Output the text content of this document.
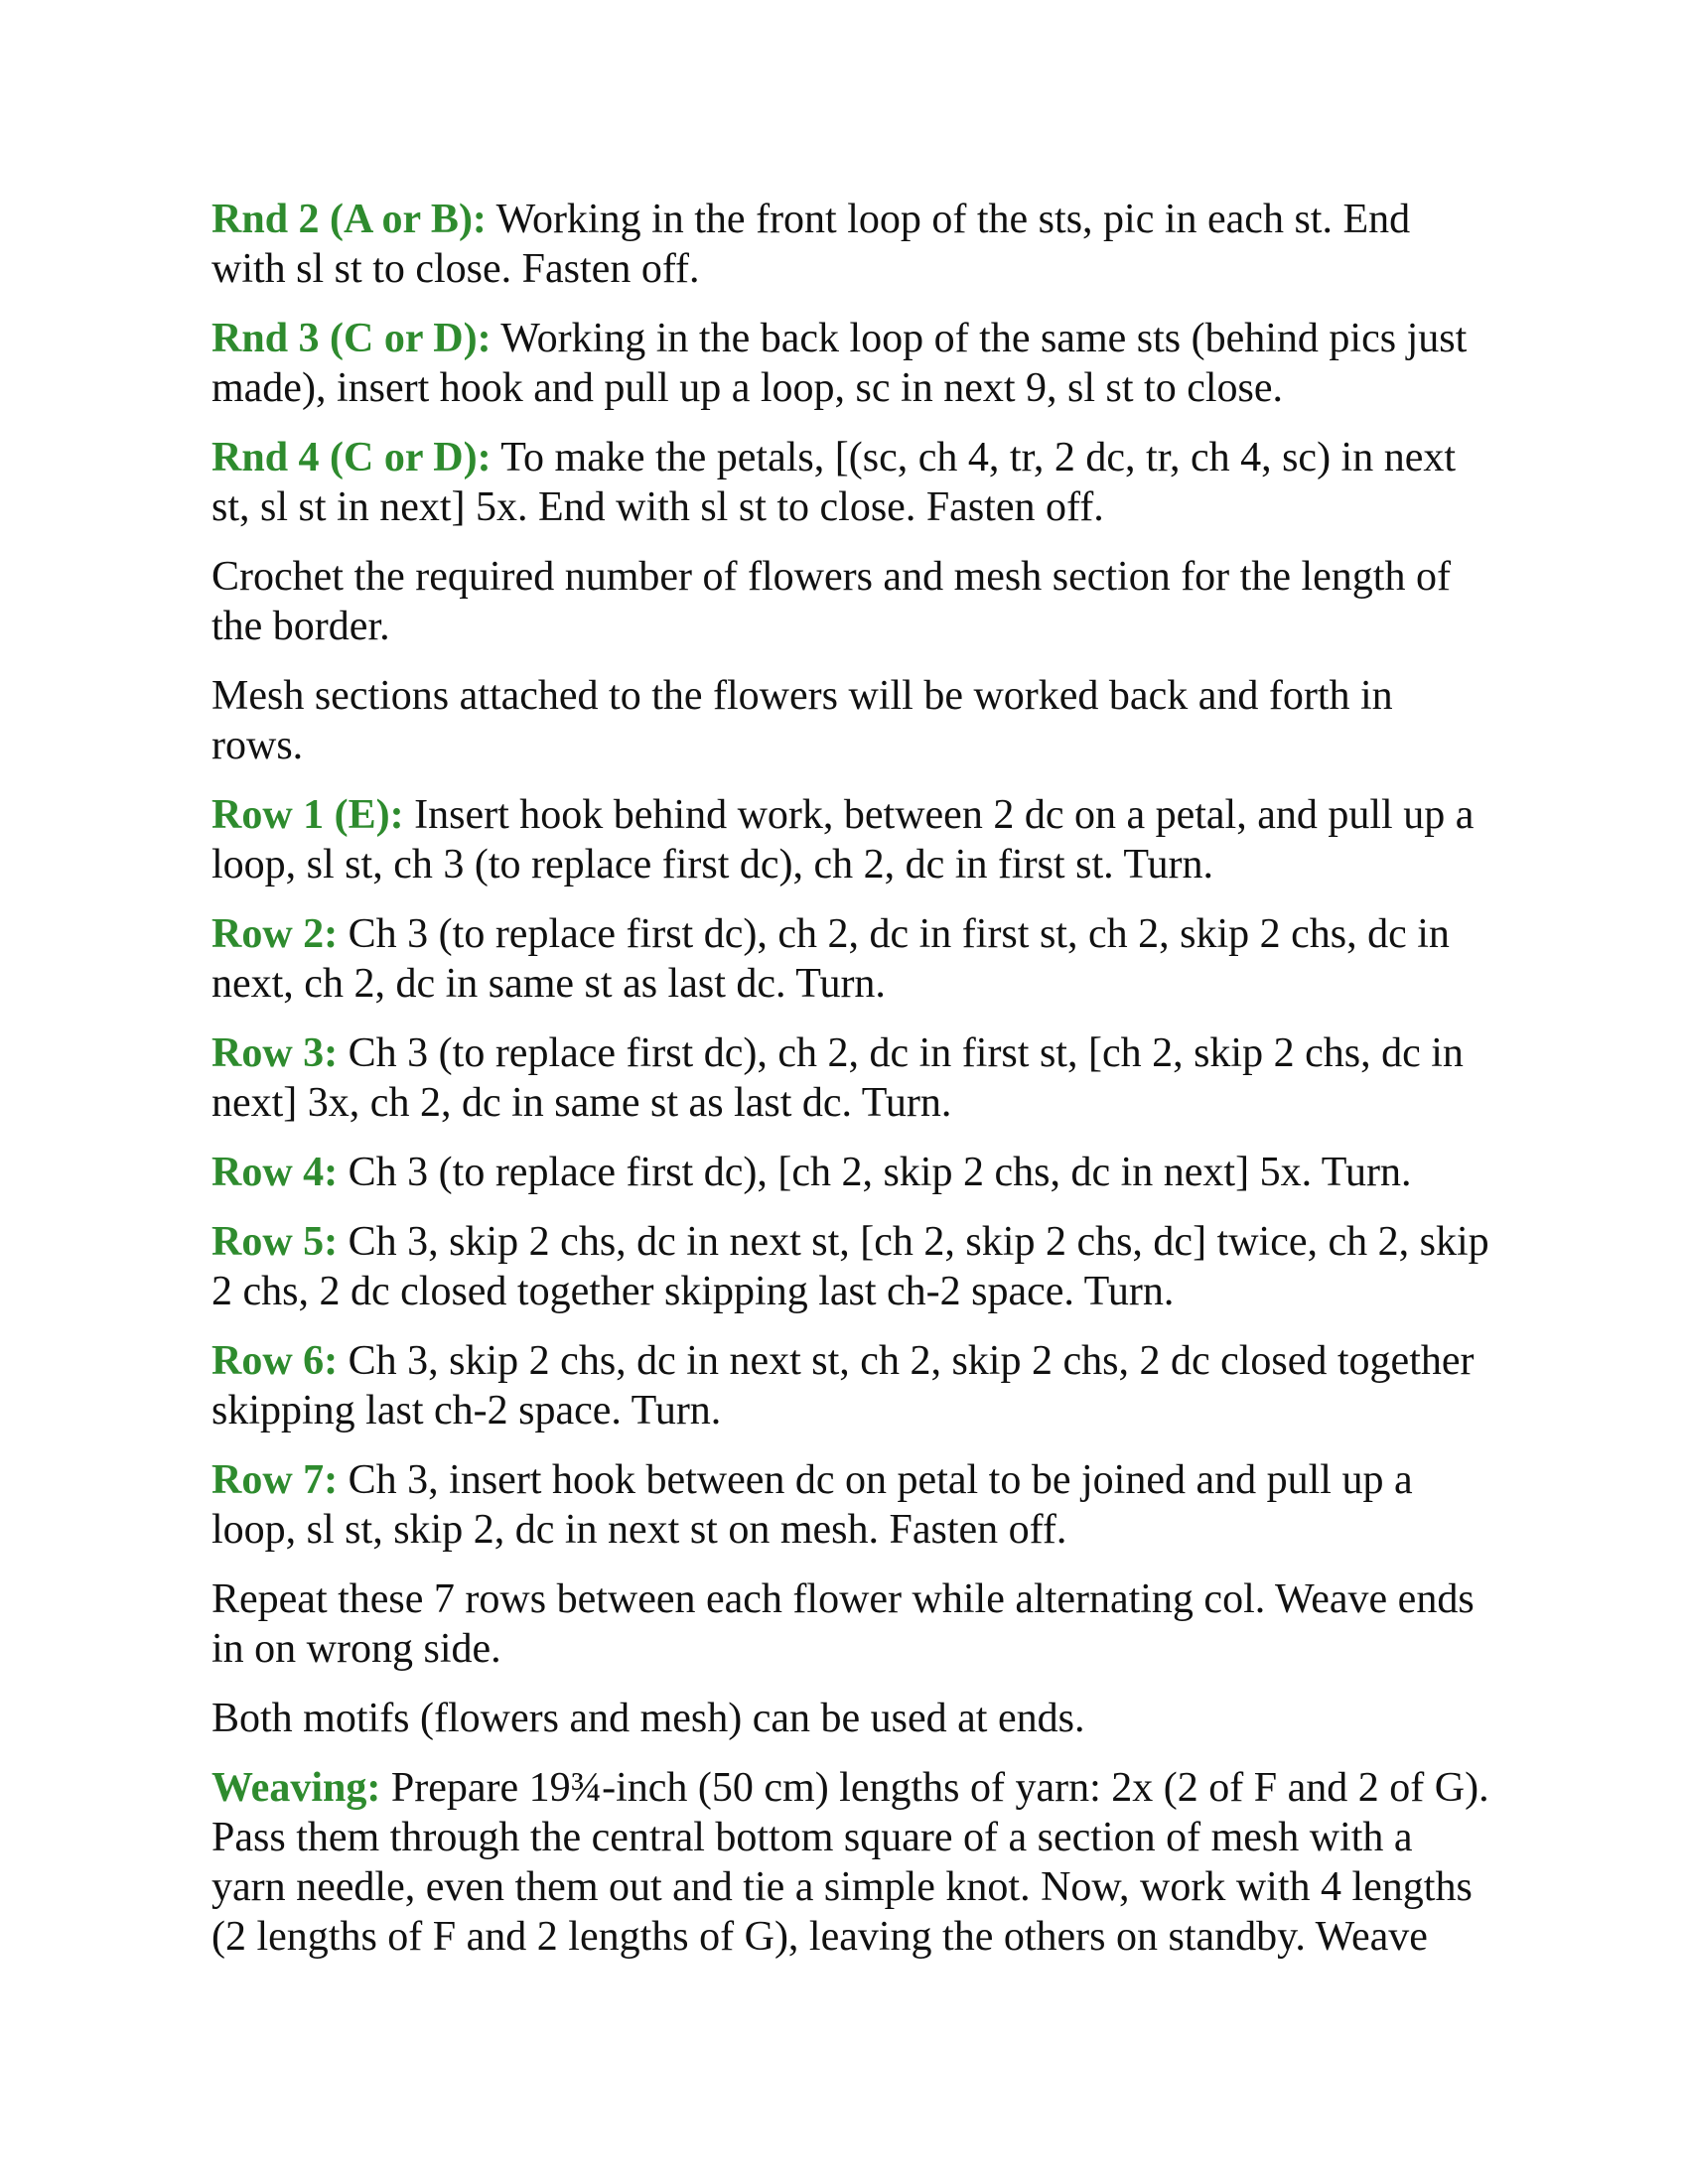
Rnd 2 (A or B): Working in the front loop of the sts, pic in each st. End with sl st to close. Fasten off.

Rnd 3 (C or D): Working in the back loop of the same sts (behind pics just made), insert hook and pull up a loop, sc in next 9, sl st to close.

Rnd 4 (C or D): To make the petals, [(sc, ch 4, tr, 2 dc, tr, ch 4, sc) in next st, sl st in next] 5x. End with sl st to close. Fasten off.

Crochet the required number of flowers and mesh section for the length of the border.

Mesh sections attached to the flowers will be worked back and forth in rows.

Row 1 (E): Insert hook behind work, between 2 dc on a petal, and pull up a loop, sl st, ch 3 (to replace first dc), ch 2, dc in first st. Turn.

Row 2: Ch 3 (to replace first dc), ch 2, dc in first st, ch 2, skip 2 chs, dc in next, ch 2, dc in same st as last dc. Turn.

Row 3: Ch 3 (to replace first dc), ch 2, dc in first st, [ch 2, skip 2 chs, dc in next] 3x, ch 2, dc in same st as last dc. Turn.

Row 4: Ch 3 (to replace first dc), [ch 2, skip 2 chs, dc in next] 5x. Turn.

Row 5: Ch 3, skip 2 chs, dc in next st, [ch 2, skip 2 chs, dc] twice, ch 2, skip 2 chs, 2 dc closed together skipping last ch-2 space. Turn.

Row 6: Ch 3, skip 2 chs, dc in next st, ch 2, skip 2 chs, 2 dc closed together skipping last ch-2 space. Turn.

Row 7: Ch 3, insert hook between dc on petal to be joined and pull up a loop, sl st, skip 2, dc in next st on mesh. Fasten off.

Repeat these 7 rows between each flower while alternating col. Weave ends in on wrong side.

Both motifs (flowers and mesh) can be used at ends.

Weaving: Prepare 19¾-inch (50 cm) lengths of yarn: 2x (2 of F and 2 of G). Pass them through the central bottom square of a section of mesh with a yarn needle, even them out and tie a simple knot. Now, work with 4 lengths (2 lengths of F and 2 lengths of G), leaving the others on standby. Weave
